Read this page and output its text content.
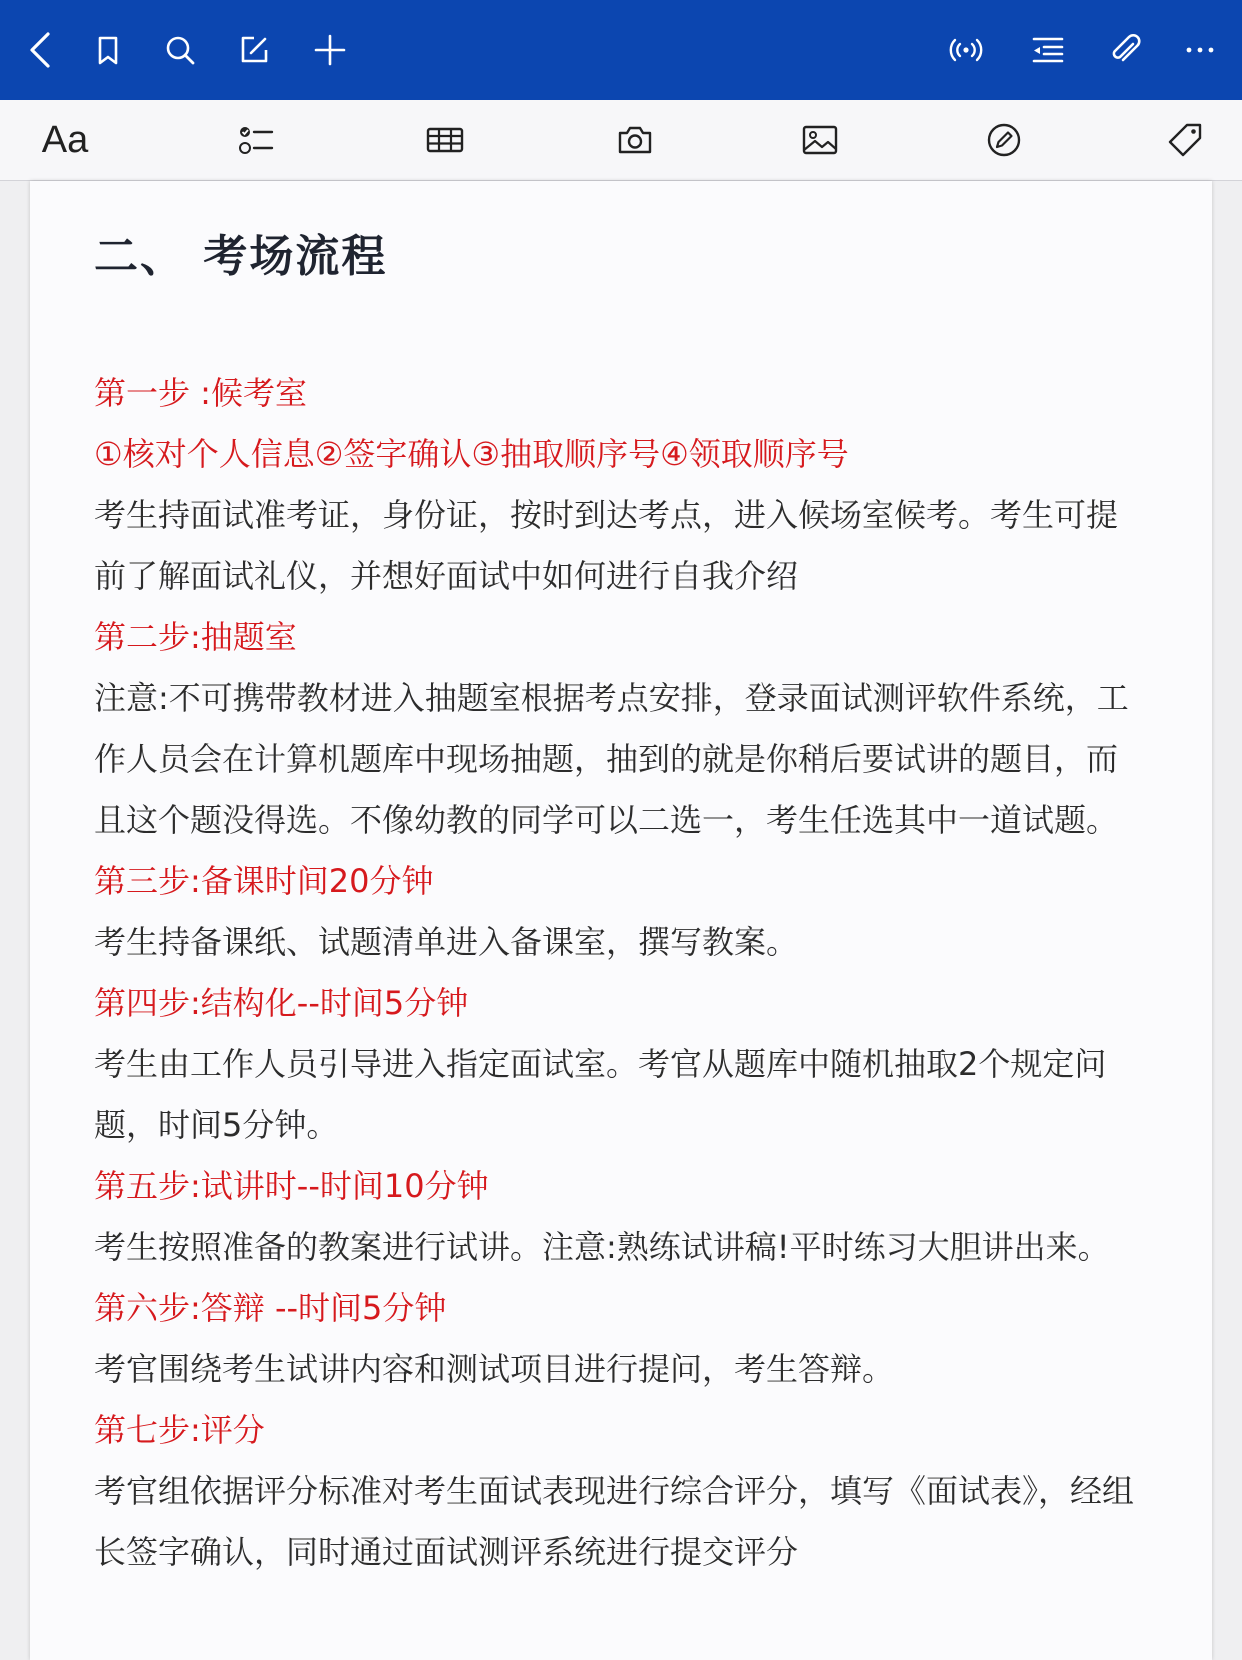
Aa
二、 考场流程
第一步 :候考室
①核对个人信息②签字确认③抽取顺序号④领取顺序号
考生持面试准考证，身份证，按时到达考点，进入候场室候考。考生可提
前了解面试礼仪，并想好面试中如何进行自我介绍
第二步:抽题室
注意:不可携带教材进入抽题室根据考点安排，登录面试测评软件系统，工
作人员会在计算机题库中现场抽题，抽到的就是你稍后要试讲的题目，而
且这个题没得选。不像幼教的同学可以二选一，考生任选其中一道试题。
第三步:备课时间20分钟
考生持备课纸、试题清单进入备课室，撰写教案。
第四步:结构化--时间5分钟
考生由工作人员引导进入指定面试室。考官从题库中随机抽取2个规定问
题，时间5分钟。
第五步:试讲时--时间10分钟
考生按照准备的教案进行试讲。注意:熟练试讲稿!平时练习大胆讲出来。
第六步:答辩 --时间5分钟
考官围绕考生试讲内容和测试项目进行提问，考生答辩。
第七步:评分
考官组依据评分标准对考生面试表现进行综合评分，填写《面试表》，经组
长签字确认，同时通过面试测评系统进行提交评分
